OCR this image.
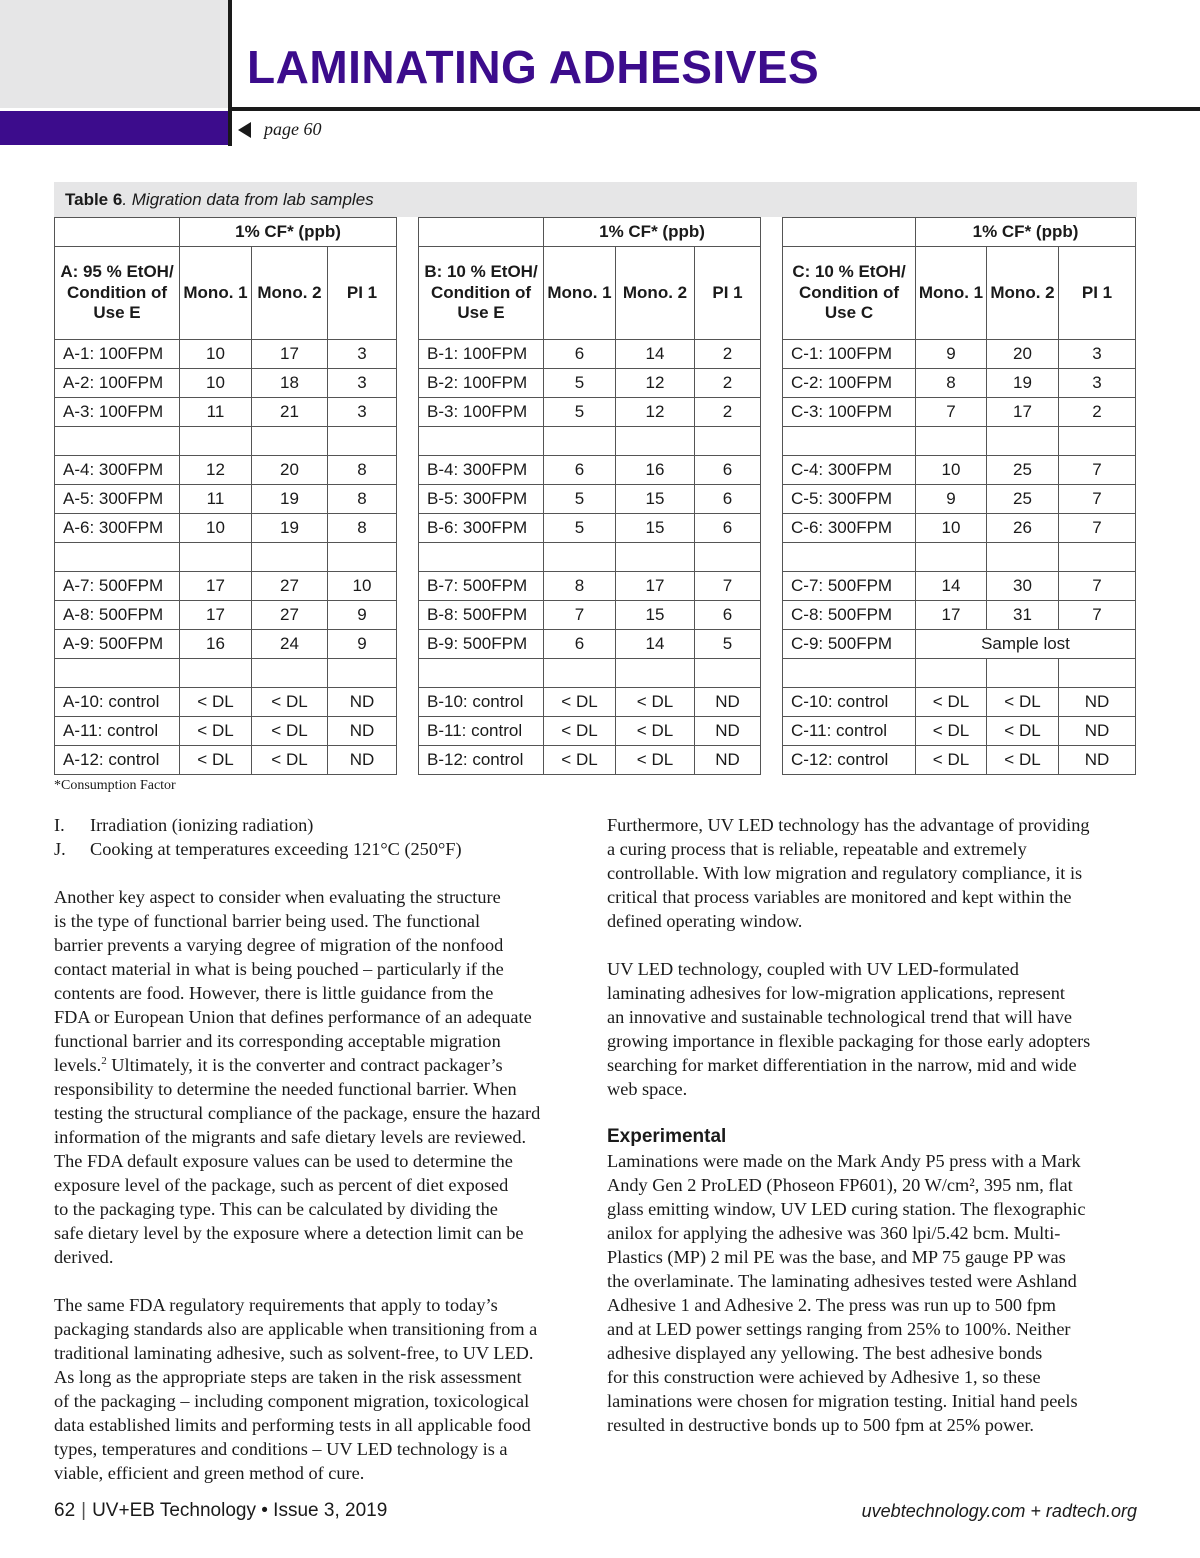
LAMINATING ADHESIVES
page 60
Table 6. Migration data from lab samples
	1% CF* (ppb)					1% CF* (ppb)					1% CF* (ppb)		
A: 95 % EtOH/ Condition of Use E	Mono. 1	Mono. 2	PI 1		B: 10 % EtOH/ Condition of Use E	Mono. 1	Mono. 2	PI 1		C: 10 % EtOH/ Condition of Use C	Mono. 1	Mono. 2	PI 1
A-1: 100FPM	10	17	3		B-1: 100FPM	6	14	2		C-1: 100FPM	9	20	3
A-2: 100FPM	10	18	3		B-2: 100FPM	5	12	2		C-2: 100FPM	8	19	3
A-3: 100FPM	11	21	3		B-3: 100FPM	5	12	2		C-3: 100FPM	7	17	2

A-4: 300FPM	12	20	8		B-4: 300FPM	6	16	6		C-4: 300FPM	10	25	7
A-5: 300FPM	11	19	8		B-5: 300FPM	5	15	6		C-5: 300FPM	9	25	7
A-6: 300FPM	10	19	8		B-6: 300FPM	5	15	6		C-6: 300FPM	10	26	7

A-7: 500FPM	17	27	10		B-7: 500FPM	8	17	7		C-7: 500FPM	14	30	7
A-8: 500FPM	17	27	9		B-8: 500FPM	7	15	6		C-8: 500FPM	17	31	7
A-9: 500FPM	16	24	9		B-9: 500FPM	6	14	5		C-9: 500FPM	Sample lost		

A-10: control	< DL	< DL	ND		B-10: control	< DL	< DL	ND		C-10: control	< DL	< DL	ND
A-11: control	< DL	< DL	ND		B-11: control	< DL	< DL	ND		C-11: control	< DL	< DL	ND
A-12: control	< DL	< DL	ND		B-12: control	< DL	< DL	ND		C-12: control	< DL	< DL	ND
*Consumption Factor
I.	Irradiation (ionizing radiation)
J.	Cooking at temperatures exceeding 121°C (250°F)

Another key aspect to consider when evaluating the structure
is the type of functional barrier being used. The functional
barrier prevents a varying degree of migration of the nonfood
contact material in what is being pouched – particularly if the
contents are food. However, there is little guidance from the
FDA or European Union that defines performance of an adequate
functional barrier and its corresponding acceptable migration
levels.$^2$ Ultimately, it is the converter and contract packager’s
responsibility to determine the needed functional barrier. When
testing the structural compliance of the package, ensure the hazard
information of the migrants and safe dietary levels are reviewed.
The FDA default exposure values can be used to determine the
exposure level of the package, such as percent of diet exposed
to the packaging type. This can be calculated by dividing the
safe dietary level by the exposure where a detection limit can be
derived.

The same FDA regulatory requirements that apply to today’s
packaging standards also are applicable when transitioning from a
traditional laminating adhesive, such as solvent-free, to UV LED.
As long as the appropriate steps are taken in the risk assessment
of the packaging – including component migration, toxicological
data established limits and performing tests in all applicable food
types, temperatures and conditions – UV LED technology is a
viable, efficient and green method of cure.

Furthermore, UV LED technology has the advantage of providing
a curing process that is reliable, repeatable and extremely
controllable. With low migration and regulatory compliance, it is
critical that process variables are monitored and kept within the
defined operating window.

UV LED technology, coupled with UV LED-formulated
laminating adhesives for low-migration applications, represent
an innovative and sustainable technological trend that will have
growing importance in flexible packaging for those early adopters
searching for market differentiation in the narrow, mid and wide
web space.

Experimental

Laminations were made on the Mark Andy P5 press with a Mark
Andy Gen 2 ProLED (Phoseon FP601), 20 W/cm², 395 nm, flat
glass emitting window, UV LED curing station. The flexographic
anilox for applying the adhesive was 360 lpi/5.42 bcm. Multi-
Plastics (MP) 2 mil PE was the base, and MP 75 gauge PP was
the overlaminate. The laminating adhesives tested were Ashland
Adhesive 1 and Adhesive 2. The press was run up to 500 fpm
and at LED power settings ranging from 25% to 100%. Neither
adhesive displayed any yellowing. The best adhesive bonds
for this construction were achieved by Adhesive 1, so these
laminations were chosen for migration testing. Initial hand peels
resulted in destructive bonds up to 500 fpm at 25% power.

62 | UV+EB Technology • Issue 3, 2019	uvebtechnology.com + radtech.org
